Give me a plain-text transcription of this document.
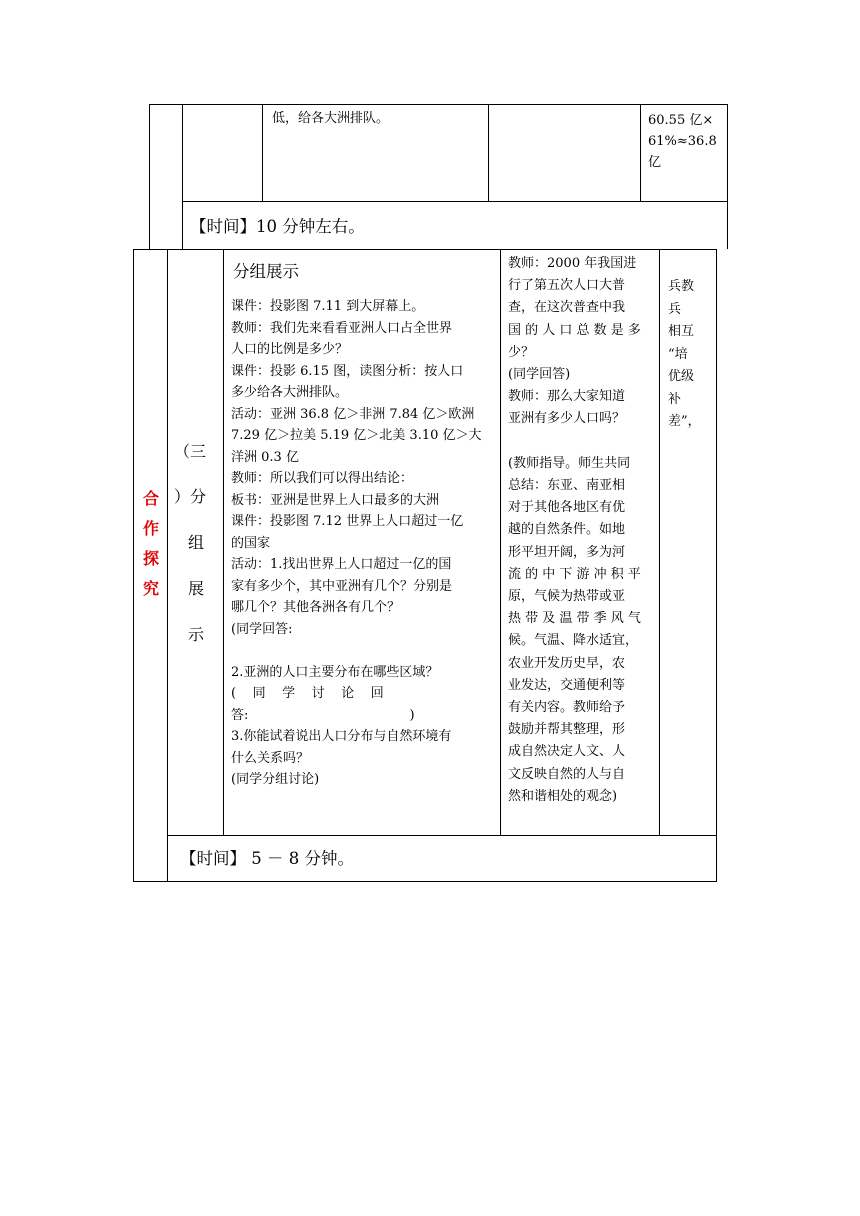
低，给各大洲排队。	60.55 亿×
61%≈36.8
亿
【时间】10 分钟左右。
合
作
探
究
（三
）分
组
展
示
分组展示
课件：投影图 7.11 到大屏幕上。
教师：我们先来看看亚洲人口占全世界
人口的比例是多少？
课件：投影 6.15 图，读图分析：按人口
多少给各大洲排队。
活动：亚洲 36.8 亿＞非洲 7.84 亿＞欧洲
7.29 亿＞拉美 5.19 亿＞北美 3.10 亿＞大
洋洲 0.3 亿
教师：所以我们可以得出结论：
板书：亚洲是世界上人口最多的大洲
课件：投影图 7.12 世界上人口超过一亿
的国家
活动：1.找出世界上人口超过一亿的国
家有多少个，其中亚洲有几个？分别是
哪几个？其他各洲各有几个？
(同学回答:

2.亚洲的人口主要分布在哪些区域？
(    同    学    讨    论    回
答:                                       )
3.你能试着说出人口分布与自然环境有
什么关系吗？
(同学分组讨论)
教师：2000 年我国进
行了第五次人口大普
查，在这次普查中我
国 的 人 口 总 数 是 多
少？
(同学回答)
教师：那么大家知道
亚洲有多少人口吗？

(教师指导。师生共同
总结：东亚、南亚相
对于其他各地区有优
越的自然条件。如地
形平坦开阔，多为河
流 的 中 下 游 冲 积 平
原，气候为热带或亚
热 带 及 温 带 季 风 气
候。气温、降水适宜，
农业开发历史早，农
业发达，交通便利等
有关内容。教师给予
鼓励并帮其整理，形
成自然决定人文、人
文反映自然的人与自
然和谐相处的观念)
兵教
兵
相互
“培
优级
补
差”，
【时间】 5 － 8 分钟。
